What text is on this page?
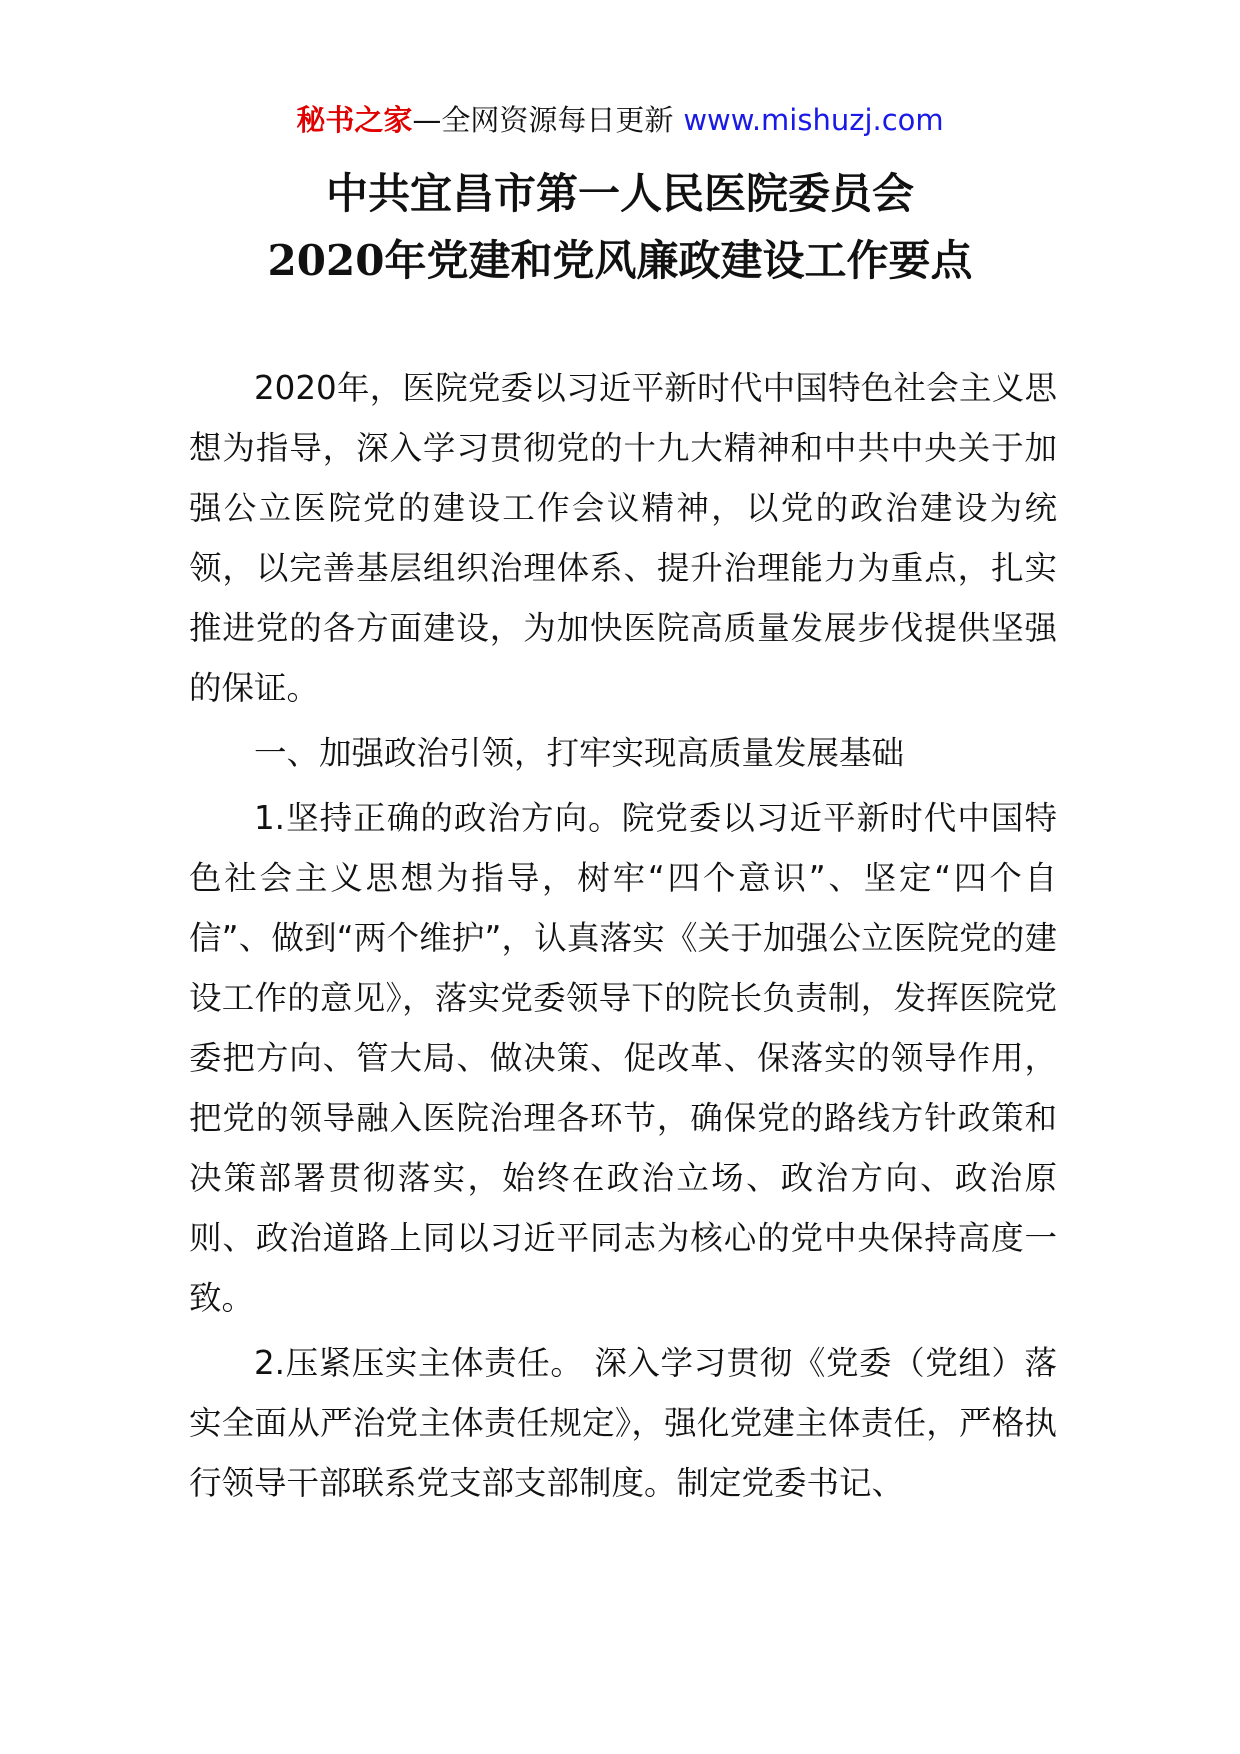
秘书之家—全网资源每日更新 www.mishuzj.com
中共宜昌市第一人民医院委员会
2020年党建和党风廉政建设工作要点

2020年，医院党委以习近平新时代中国特色社会主义思想为指导，深入学习贯彻党的十九大精神和中共中央关于加强公立医院党的建设工作会议精神，以党的政治建设为统领，以完善基层组织治理体系、提升治理能力为重点，扎实推进党的各方面建设，为加快医院高质量发展步伐提供坚强的保证。

一、加强政治引领，打牢实现高质量发展基础

1.坚持正确的政治方向。院党委以习近平新时代中国特色社会主义思想为指导，树牢“四个意识”、坚定“四个自信”、做到“两个维护”，认真落实《关于加强公立医院党的建设工作的意见》，落实党委领导下的院长负责制，发挥医院党委把方向、管大局、做决策、促改革、保落实的领导作用，把党的领导融入医院治理各环节，确保党的路线方针政策和决策部署贯彻落实，始终在政治立场、政治方向、政治原则、政治道路上同以习近平同志为核心的党中央保持高度一致。

2.压紧压实主体责任。 深入学习贯彻《党委（党组）落实全面从严治党主体责任规定》，强化党建主体责任，严格执行领导干部联系党支部支部制度。制定党委书记、
